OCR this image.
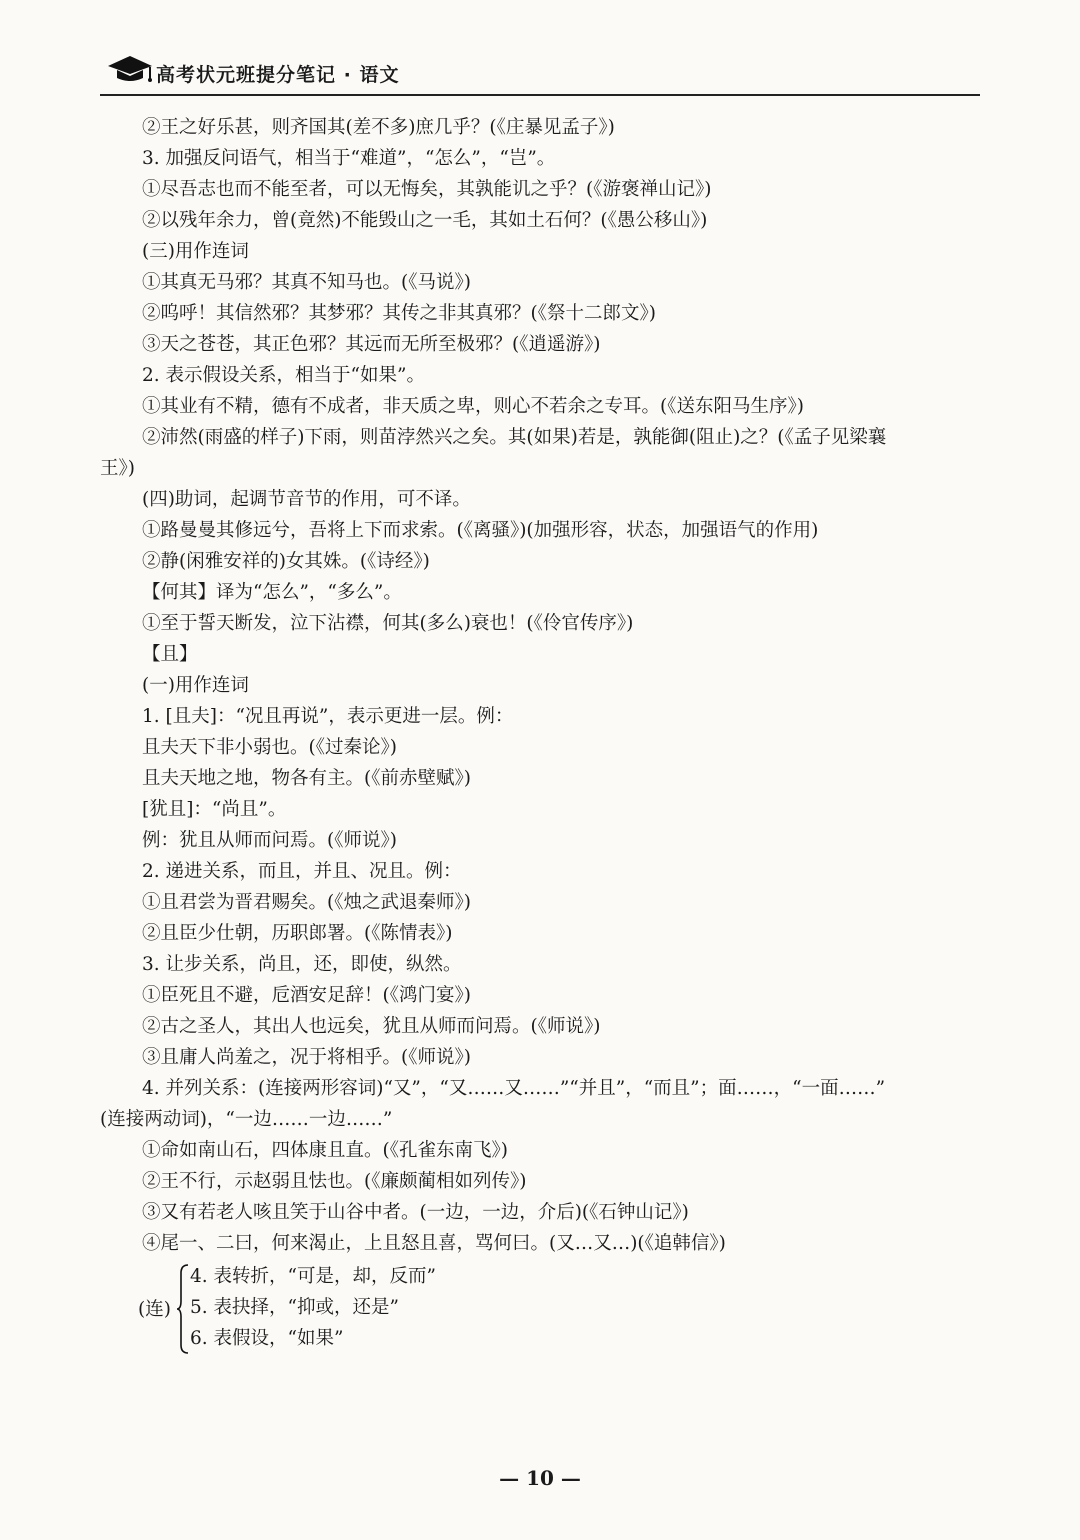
高考状元班提分笔记 · 语文
②王之好乐甚，则齐国其(差不多)庶几乎？(《庄暴见孟子》)
3. 加强反问语气，相当于“难道”，“怎么”，“岂”。
①尽吾志也而不能至者，可以无悔矣，其孰能讥之乎？(《游褒禅山记》)
②以残年余力，曾(竟然)不能毁山之一毛，其如土石何？(《愚公移山》)
(三)用作连词
①其真无马邪？其真不知马也。(《马说》)
②呜呼！其信然邪？其梦邪？其传之非其真邪？(《祭十二郎文》)
③天之苍苍，其正色邪？其远而无所至极邪？(《逍遥游》)
2. 表示假设关系，相当于“如果”。
①其业有不精，德有不成者，非天质之卑，则心不若余之专耳。(《送东阳马生序》)
②沛然(雨盛的样子)下雨，则苗浡然兴之矣。其(如果)若是，孰能御(阻止)之？(《孟子见梁襄
王》)
(四)助词，起调节音节的作用，可不译。
①路曼曼其修远兮，吾将上下而求索。(《离骚》)(加强形容，状态，加强语气的作用)
②静(闲雅安祥的)女其姝。(《诗经》)
【何其】译为“怎么”，“多么”。
①至于誓天断发，泣下沾襟，何其(多么)衰也！(《伶官传序》)
【且】
(一)用作连词
1. [且夫]：“况且再说”，表示更进一层。例：
且夫天下非小弱也。(《过秦论》)
且夫天地之地，物各有主。(《前赤壁赋》)
[犹且]：“尚且”。
例：犹且从师而问焉。(《师说》)
2. 递进关系，而且，并且、况且。例：
①且君尝为晋君赐矣。(《烛之武退秦师》)
②且臣少仕朝，历职郎署。(《陈情表》)
3. 让步关系，尚且，还，即使，纵然。
①臣死且不避，卮酒安足辞！(《鸿门宴》)
②古之圣人，其出人也远矣，犹且从师而问焉。(《师说》)
③且庸人尚羞之，况于将相乎。(《师说》)
4. 并列关系：(连接两形容词)“又”，“又……又……”“并且”，“而且”；面……，“一面……”
(连接两动词)，“一边……一边……”
①命如南山石，四体康且直。(《孔雀东南飞》)
②王不行，示赵弱且怯也。(《廉颇蔺相如列传》)
③又有若老人咳且笑于山谷中者。(一边，一边，介后)(《石钟山记》)
④尾一、二曰，何来渴止，上且怒且喜，骂何曰。(又…又…)(《追韩信》)
(连)
4. 表转折，“可是，却，反而”
5. 表抉择，“抑或，还是”
6. 表假设，“如果”
— 10 —
